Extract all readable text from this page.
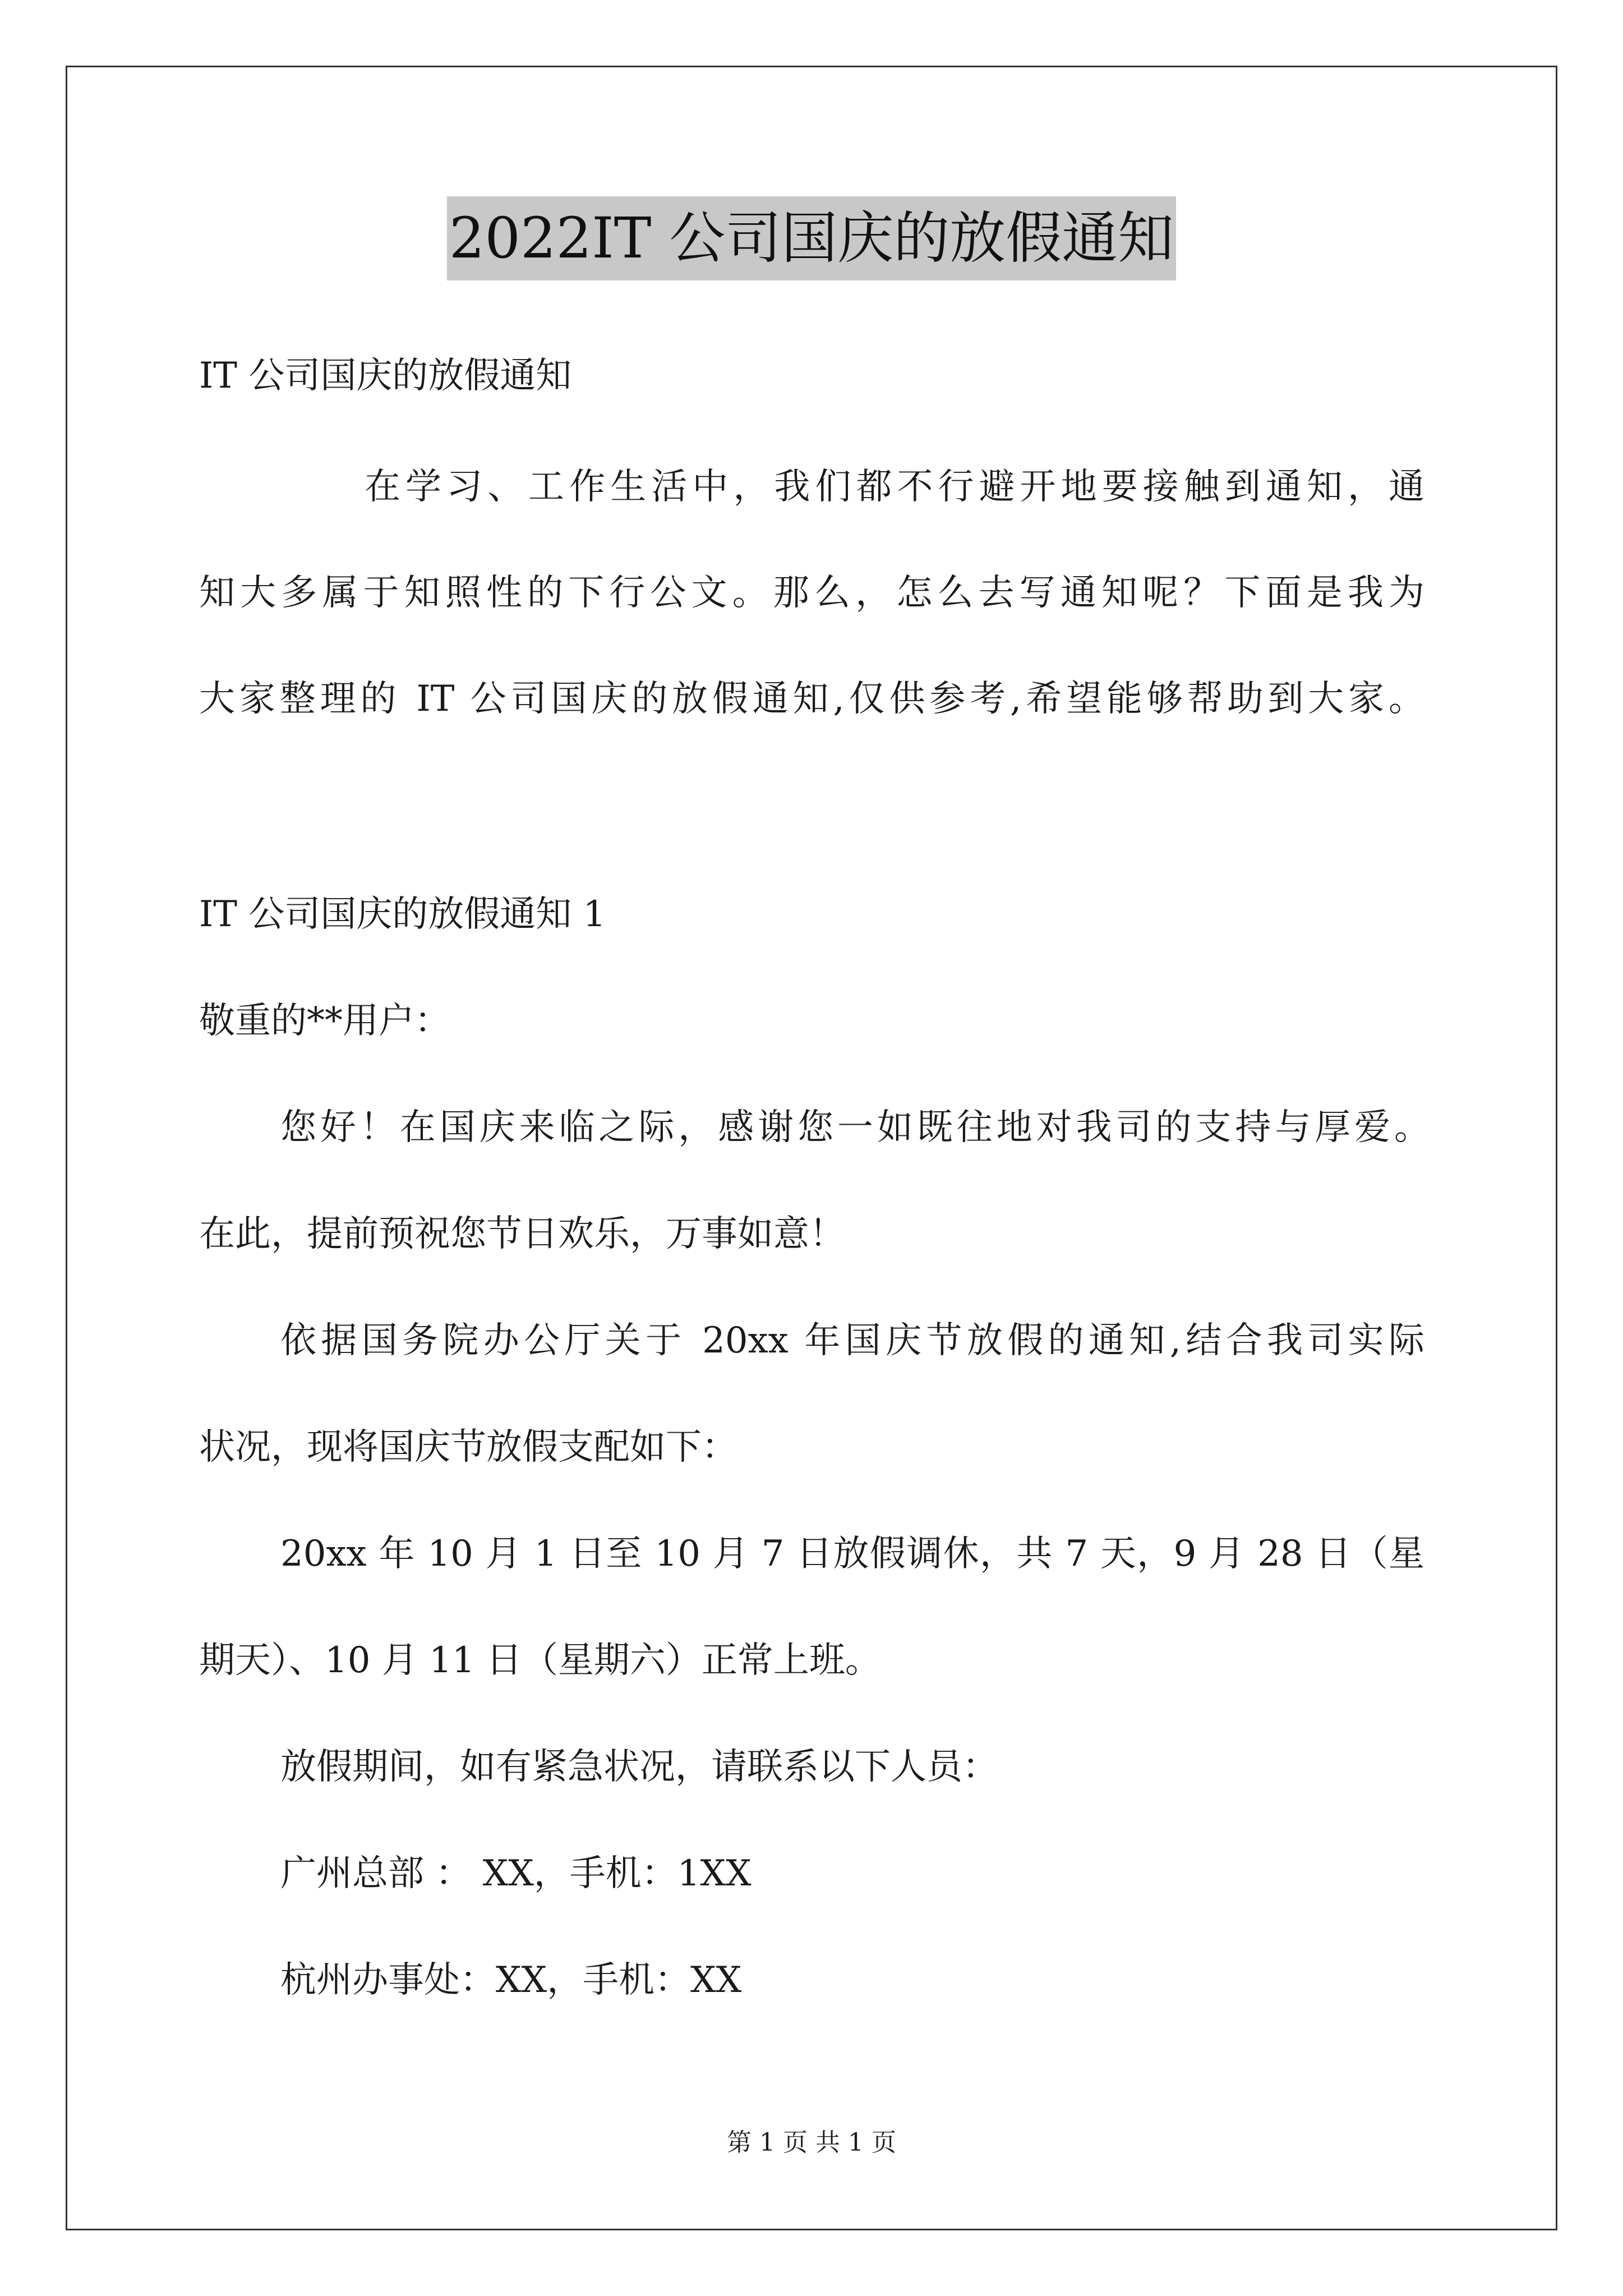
2022IT 公司国庆的放假通知
IT 公司国庆的放假通知
在学习、工作生活中，我们都不行避开地要接触到通知，通
知大多属于知照性的下行公文。那么，怎么去写通知呢？下面是我为
大家整理的 IT 公司国庆的放假通知,仅供参考,希望能够帮助到大家。
IT 公司国庆的放假通知 1
敬重的**用户：
您好！在国庆来临之际，感谢您一如既往地对我司的支持与厚爱。
在此，提前预祝您节日欢乐，万事如意！
依据国务院办公厅关于 20xx 年国庆节放假的通知,结合我司实际
状况，现将国庆节放假支配如下：
20xx 年 10 月 1 日至 10 月 7 日放假调休，共 7 天，9 月 28 日（星
期天）、10 月 11 日（星期六）正常上班。
放假期间，如有紧急状况，请联系以下人员：
广州总部 ： XX，手机：1XX
杭州办事处：XX，手机：XX
第 1 页 共 1 页
